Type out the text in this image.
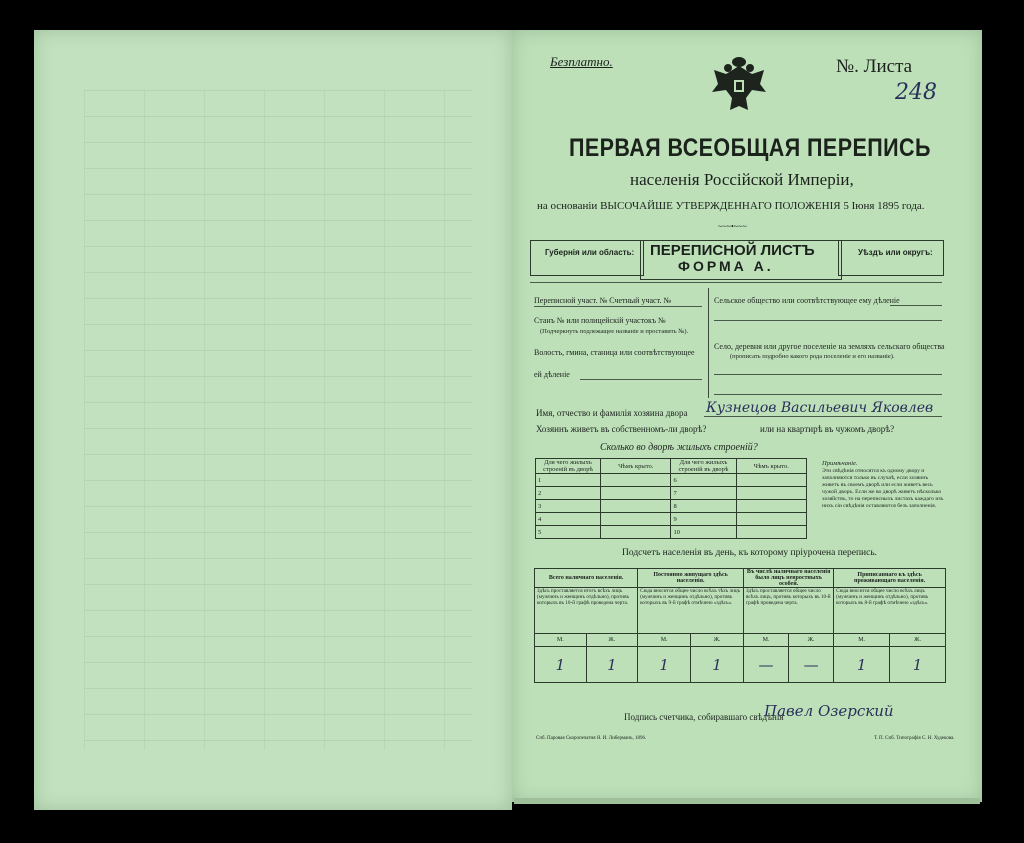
Безплатно.	№. Листа
248
ПЕРВАЯ ВСЕОБЩАЯ ПЕРЕПИСЬ
населенія Россійской Имперіи,
на основаніи ВЫСОЧАЙШЕ УТВЕРЖДЕННАГО ПОЛОЖЕНІЯ 5 Іюня 1895 года.
~~~•~~~
Губернія или область: ПЕРЕПИСНОЙ ЛИСТЪ
ФОРМА А.
Уѣздъ или округъ:
Переписной участ. № Счетный участ. №
Станъ № или полицейскій участокъ №
(Подчеркнуть подлежащее названіе и проставить №).
Волость, гмина, станица или соотвѣтствующее
ей дѣленіе
Сельское общество или соотвѣтствующее ему дѣленіе
Село, деревня или другое поселеніе на земляхъ сельскаго общества
(прописать подробно какого рода поселеніе и его названіе).
Имя, отчество и фамилія хозяина двора Кузнецов Васильевич Яковлев
Хозяинъ живетъ въ собственномъ-ли дворѣ?	или на квартирѣ въ чужомъ дворѣ?
Сколько во дворѣ жилыхъ строеній?
Для чего жилыхъ строеній въ дворѣ	Чѣмъ крыто.	Для чего жилыхъ строеній въ дворѣ	Чѣмъ крыто.
1		6	
2		7	
3		8	
4		9	
5		10	
Примѣчаніе.
Эти свѣдѣнія относятся къ одному двору и заполняются только въ случаѣ, если хозяинъ живетъ въ своемъ дворѣ или если живетъ весь чужой дворъ. Если же во дворѣ живетъ нѣсколько хозяйствъ, то на переписныхъ листахъ каждаго изъ нихъ сіи свѣдѣнія оставляются безъ заполненія.
Подсчетъ населенія въ день, къ которому пріурочена перепись.
Всего наличнаго населенія.		Постоянно живущаго здѣсь населенія.		Въ числѣ наличнаго населенія было лицъ невростныхъ особей.		Приписаннаго къ здѣсь проживающаго населенія.	
Здѣсь проставляется итогъ всѣхъ лицъ (мужчинъ и женщинъ отдѣльно), противъ которыхъ въ 10-й графѣ проведена черта.		Сюда вносится общее число всѣхъ тѣхъ лицъ (мужчинъ и женщинъ отдѣльно), противъ которыхъ въ 9-й графѣ отмѣчено «здѣсь».		Здѣсь проставляется общее число всѣхъ лицъ, противъ которыхъ въ 10-й графѣ проведена черта.		Сюда вносится общее число всѣхъ лицъ (мужчинъ и женщинъ отдѣльно), противъ которыхъ въ 8-й графѣ отмѣчено «здѣсь».	
М.	Ж.	М.	Ж.	М.	Ж.	М.	Ж.
1	1	1	1	—	—	1	1
Подпись счетчика, собиравшаго свѣдѣнія
Павел Озерский
Спб. Паровая Скоропечатня Я. И. Либерманъ, 1896.	Т. П. Спб. Типографія С. Н. Худекова.
